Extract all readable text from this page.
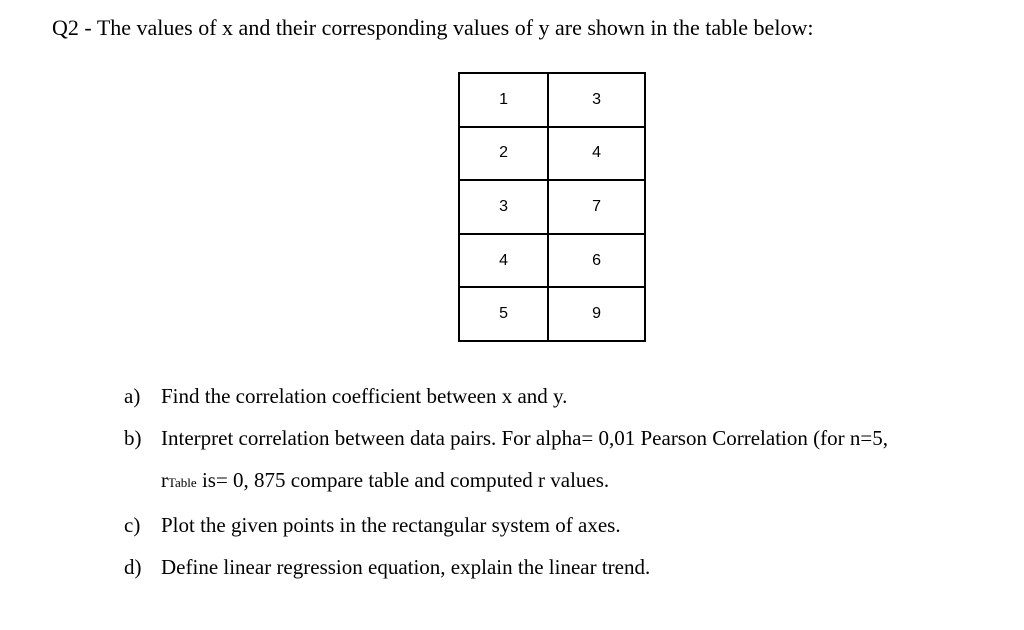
Q2 - The values of x and their corresponding values of y are shown in the table below:
1	3
2	4
3	7
4	6
5	9
a) Find the correlation coefficient between x and y.
b) Interpret correlation between data pairs. For alpha= 0,01 Pearson Correlation (for n=5,
rTable is= 0, 875 compare table and computed r values.
c) Plot the given points in the rectangular system of axes.
d) Define linear regression equation, explain the linear trend.
